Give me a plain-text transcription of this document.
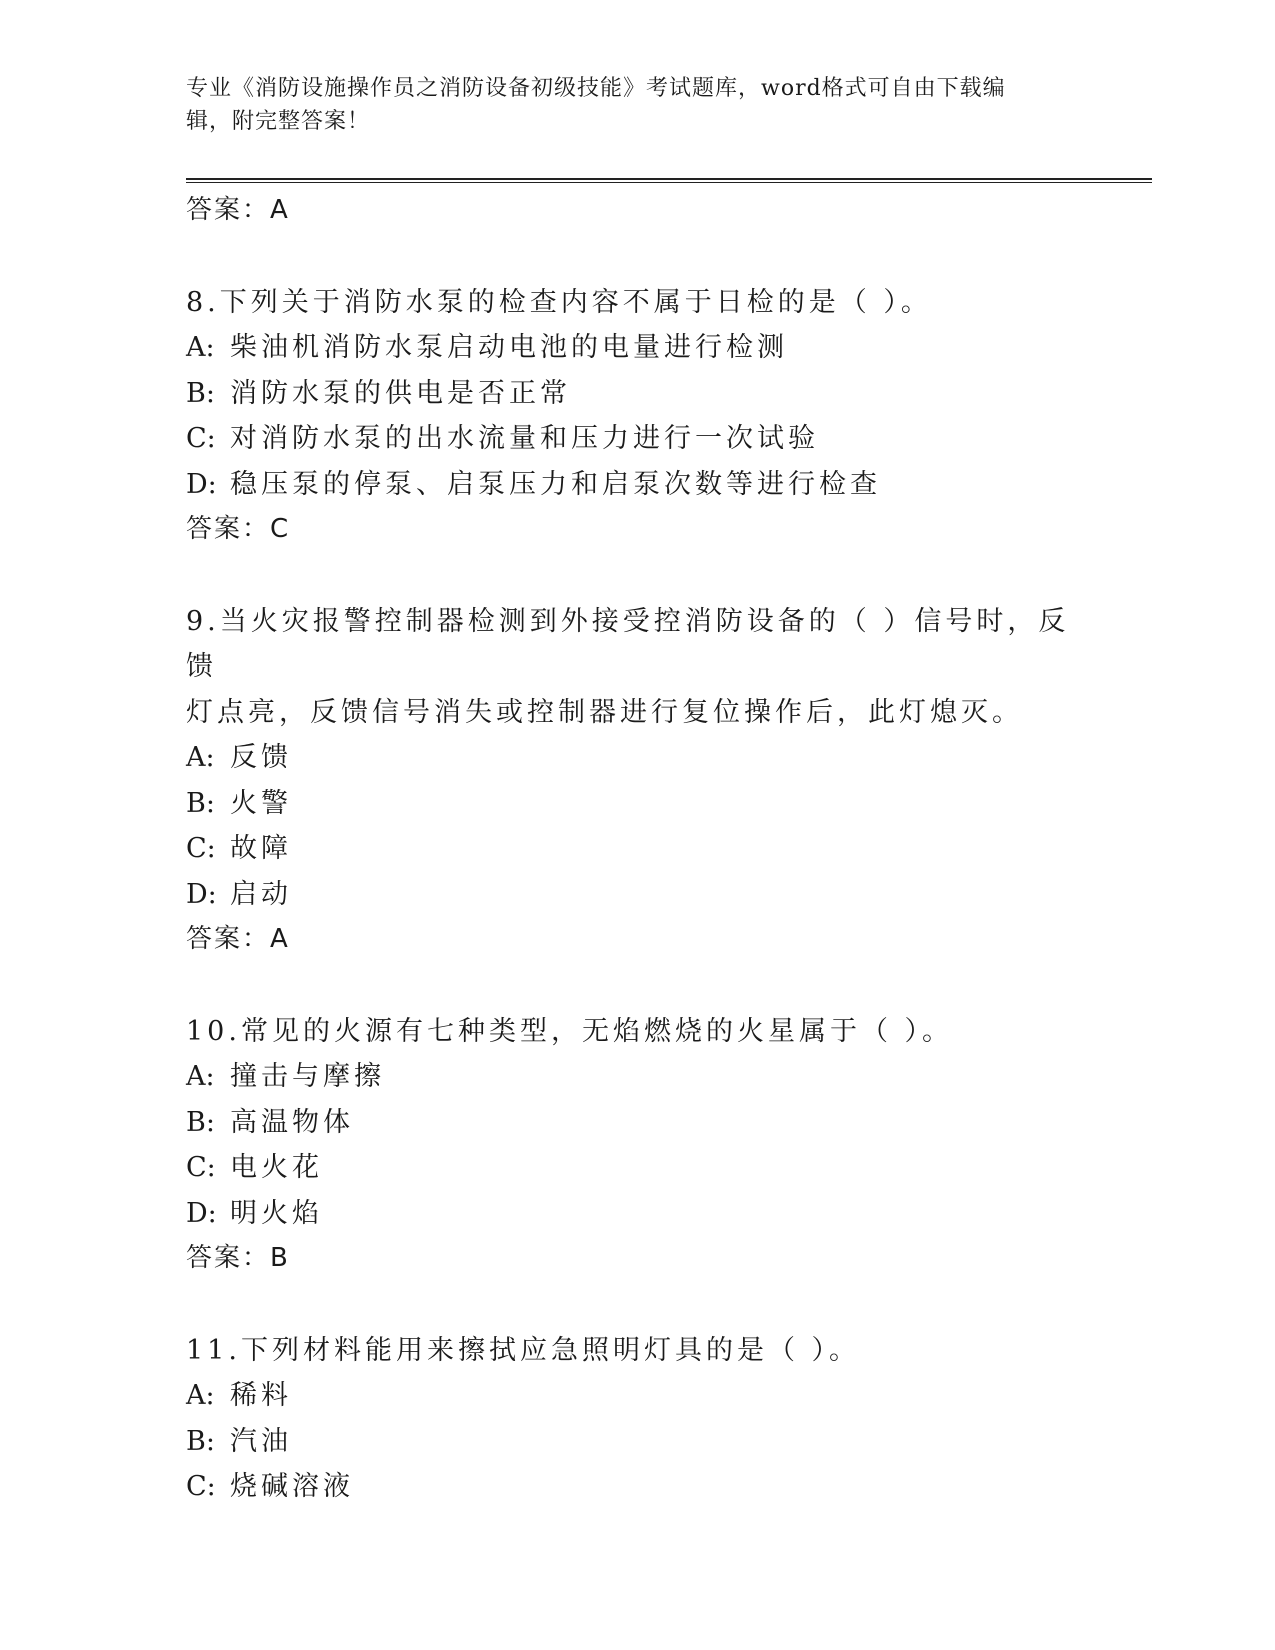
专业《消防设施操作员之消防设备初级技能》考试题库，word格式可自由下载编
辑，附完整答案！
答案：A
8.下列关于消防水泵的检查内容不属于日检的是（ ）。
A: 柴油机消防水泵启动电池的电量进行检测
B: 消防水泵的供电是否正常
C: 对消防水泵的出水流量和压力进行一次试验
D: 稳压泵的停泵、启泵压力和启泵次数等进行检查
答案：C
9.当火灾报警控制器检测到外接受控消防设备的（ ）信号时，反馈
灯点亮，反馈信号消失或控制器进行复位操作后，此灯熄灭。
A: 反馈
B: 火警
C: 故障
D: 启动
答案：A
10.常见的火源有七种类型，无焰燃烧的火星属于（ ）。
A: 撞击与摩擦
B: 高温物体
C: 电火花
D: 明火焰
答案：B
11.下列材料能用来擦拭应急照明灯具的是（ ）。
A: 稀料
B: 汽油
C: 烧碱溶液
